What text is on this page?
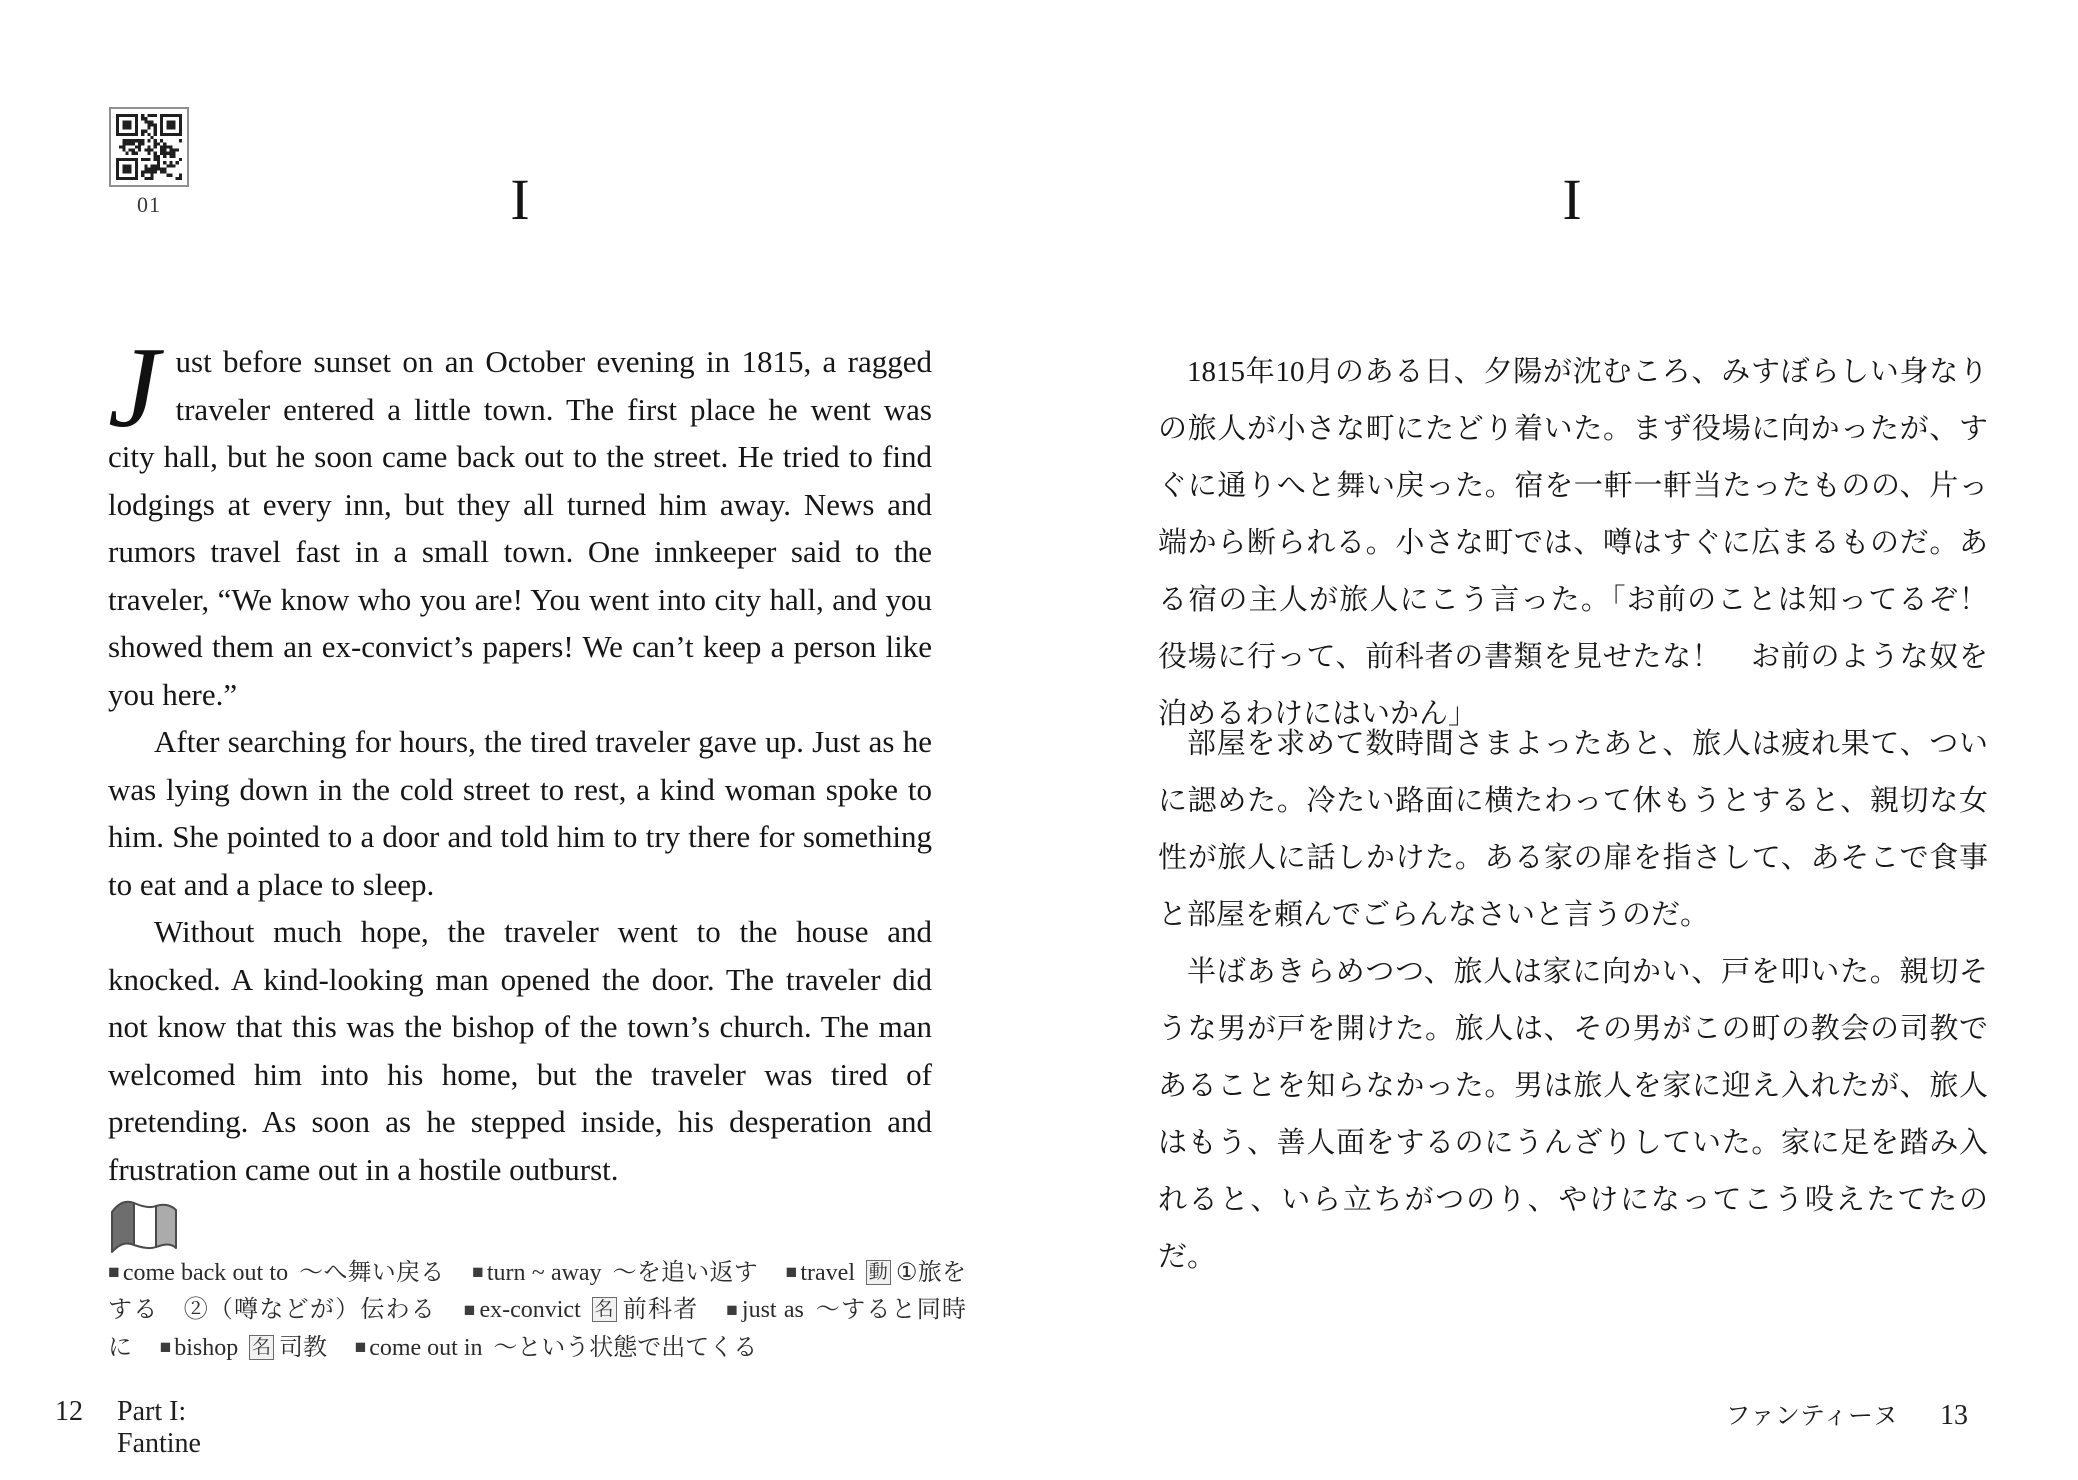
01	I

Just before sunset on an October evening in 1815, a ragged traveler entered a little town. The first place he went was city hall, but he soon came back out to the street. He tried to find lodgings at every inn, but they all turned him away. News and rumors travel fast in a small town. One innkeeper said to the traveler, “We know who you are! You went into city hall, and you showed them an ex-convict’s papers! We can’t keep a person like you here.”

After searching for hours, the tired traveler gave up. Just as he was lying down in the cold street to rest, a kind woman spoke to him. She pointed to a door and told him to try there for something to eat and a place to sleep.

Without much hope, the traveler went to the house and knocked. A kind-looking man opened the door. The traveler did not know that this was the bishop of the town’s church. The man welcomed him into his home, but the traveler was tired of pretending. As soon as he stepped inside, his desperation and frustration came out in a hostile outburst.

■ come back out to 〜へ舞い戻る ■ turn ~ away 〜を追い返す ■ travel 動 ①旅をする　②（噂などが）伝わる ■ ex-convict 名 前科者 ■ just as 〜すると同時に ■ bishop 名 司教 ■ come out in 〜という状態で出てくる
12 Part I: Fantine
I

1815年10月のある日、夕陽が沈むころ、みすぼらしい身なりの旅人が小さな町にたどり着いた。まず役場に向かったが、すぐに通りへと舞い戻った。宿を一軒一軒当たったものの、片っ端から断られる。小さな町では、噂はすぐに広まるものだ。ある宿の主人が旅人にこう言った。「お前のことは知ってるぞ！　役場に行って、前科者の書類を見せたな！　お前のような奴を泊めるわけにはいかん」

部屋を求めて数時間さまよったあと、旅人は疲れ果て、ついに諰めた。冷たい路面に横たわって休もうとすると、親切な女性が旅人に話しかけた。ある家の扉を指さして、あそこで食事と部屋を頼んでごらんなさいと言うのだ。

半ばあきらめつつ、旅人は家に向かい、戸を叩いた。親切そうな男が戸を開けた。旅人は、その男がこの町の教会の司教であることを知らなかった。男は旅人を家に迎え入れたが、旅人はもう、善人面をするのにうんざりしていた。家に足を踏み入れると、いら立ちがつのり、やけになってこう吺えたてたのだ。

ファンティーヌ 13
